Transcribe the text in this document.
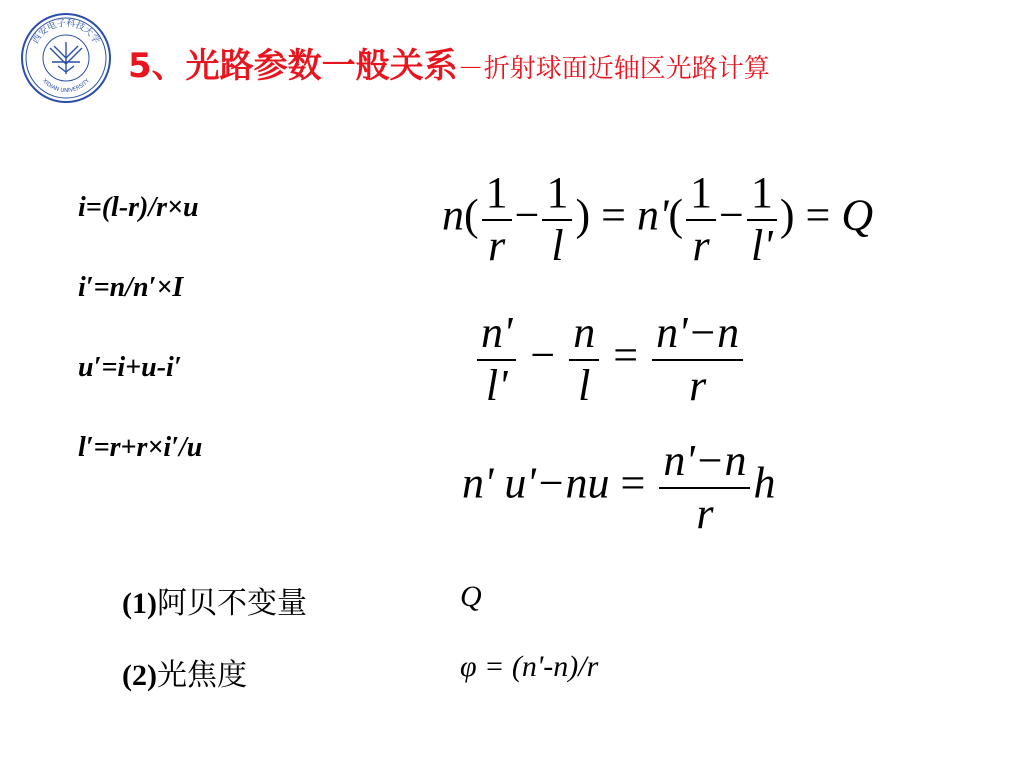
西安电子科技大学
XIDIAN UNIVERSITY 5、光路参数一般关系－折射球面近轴区光路计算
i=(l-r)/r×u
i′=n/n′×I
u′=i+u-i′
l′=r+r×i′/u
$n( \frac{1}{r} - \frac{1}{l}$ ) = $n'( \frac{1}{r} - \frac{1}{l'}$ ) = Q
$\frac{n'}{l'} - \frac{n}{l} = \frac{n'-n}{r}$
n' $u'-nu = \frac{n'-n}{r}$ h
(1)阿贝不变量	Q
(2)光焦度	φ = (n'-n)/r
